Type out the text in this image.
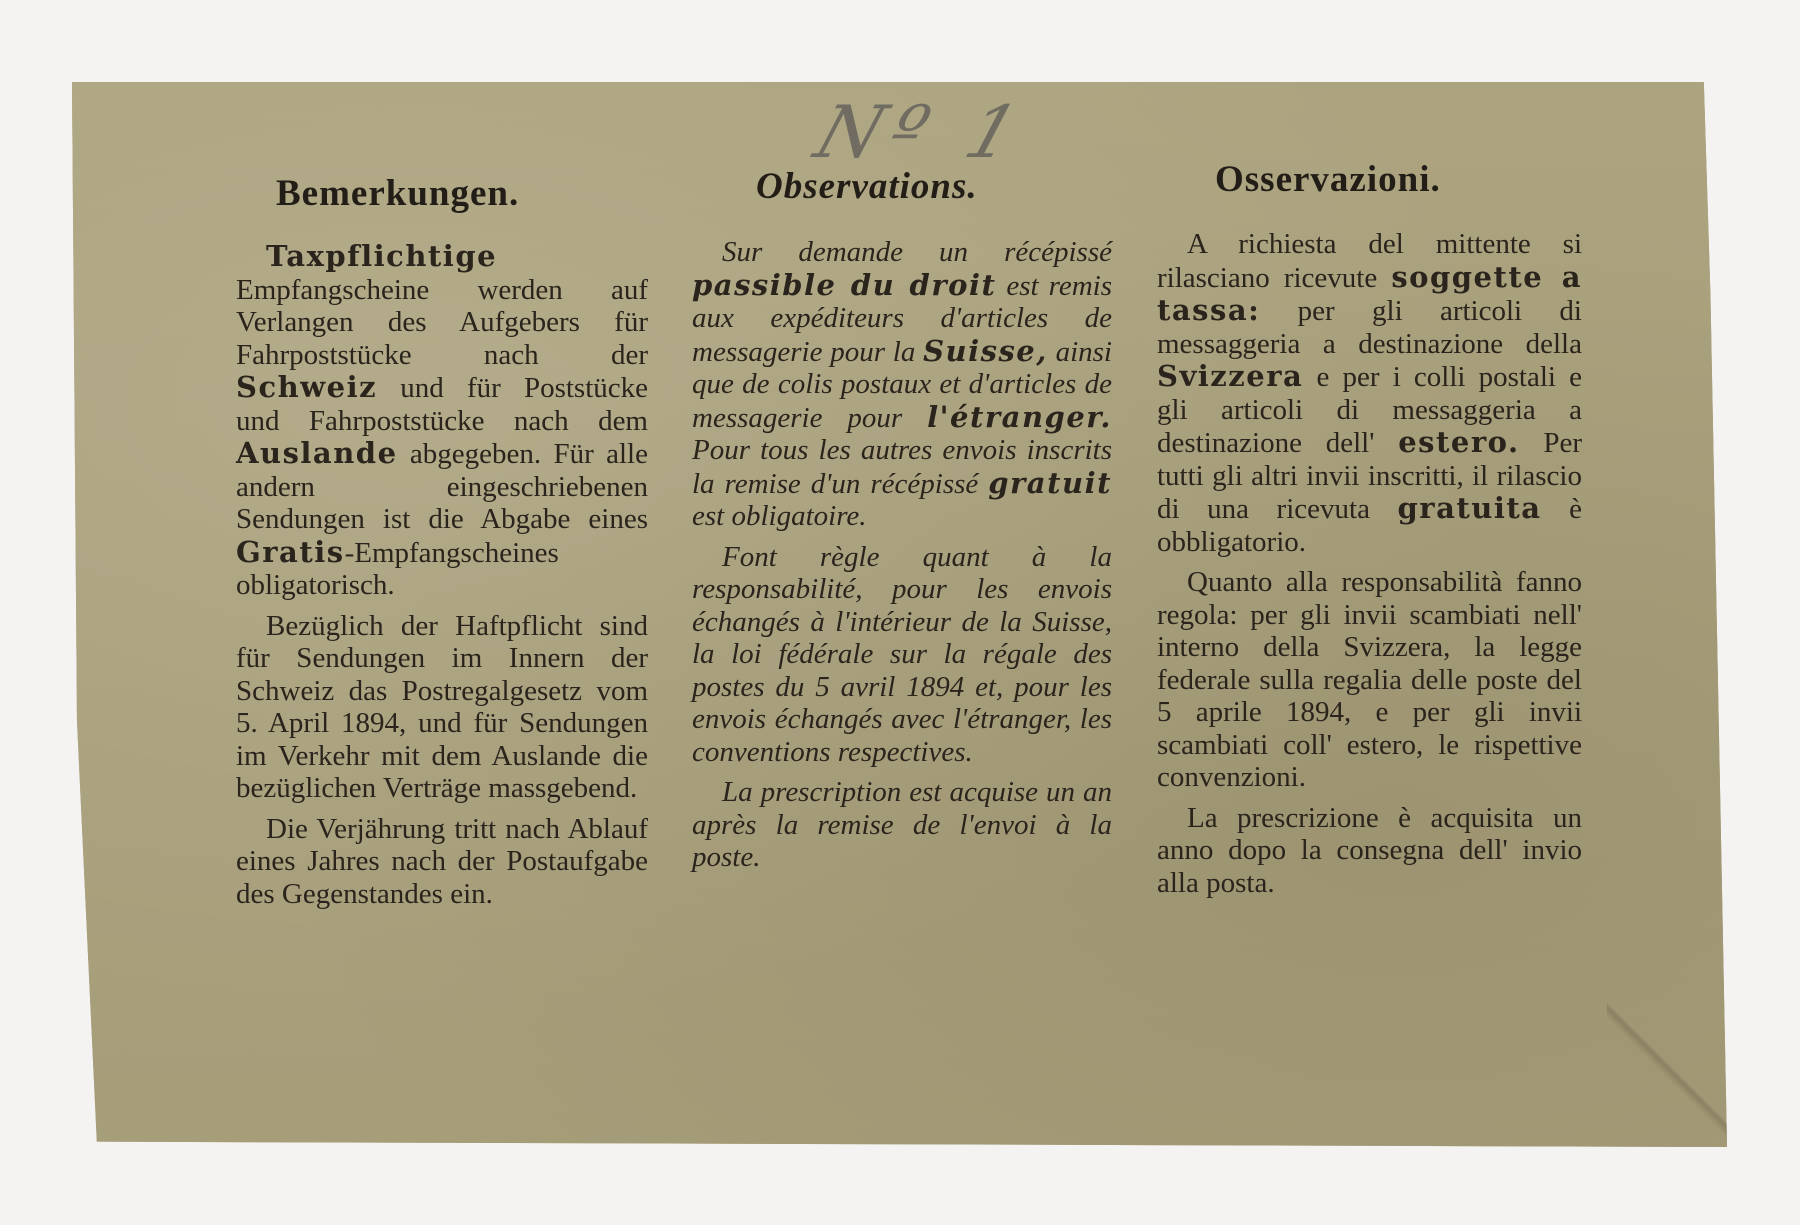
Nº 1
Bemerkungen.	Observations.	Osservazioni.

Taxpflichtige Empfangscheine werden auf Verlangen des Aufgebers für Fahrpoststücke nach der Schweiz und für Poststücke und Fahrpoststücke nach dem Auslande abgegeben. Für alle andern eingeschriebenen Sendungen ist die Abgabe eines Gratis-Empfangscheines obligatorisch.

Bezüglich der Haftpflicht sind für Sendungen im Innern der Schweiz das Postregalgesetz vom 5. April 1894, und für Sendungen im Verkehr mit dem Auslande die bezüglichen Verträge massgebend.

Die Verjährung tritt nach Ablauf eines Jahres nach der Postaufgabe des Gegenstandes ein.

Sur demande un récépissé passible du droit est remis aux expéditeurs d'articles de messagerie pour la Suisse, ainsi que de colis postaux et d'articles de messagerie pour l'étranger. Pour tous les autres envois inscrits la remise d'un récépissé gratuit est obligatoire.

Font règle quant à la responsabilité, pour les envois échangés à l'intérieur de la Suisse, la loi fédérale sur la régale des postes du 5 avril 1894 et, pour les envois échangés avec l'étranger, les conventions respectives.

La prescription est acquise un an après la remise de l'envoi à la poste.

A richiesta del mittente si rilasciano ricevute soggette a tassa: per gli articoli di messaggeria a destinazione della Svizzera e per i colli postali e gli articoli di messaggeria a destinazione dell' estero. Per tutti gli altri invii inscritti, il rilascio di una ricevuta gratuita è obbligatorio.

Quanto alla responsabilità fanno regola: per gli invii scambiati nell' interno della Svizzera, la legge federale sulla regalia delle poste del 5 aprile 1894, e per gli invii scambiati coll' estero, le rispettive convenzioni.

La prescrizione è acquisita un anno dopo la consegna dell' invio alla posta.
